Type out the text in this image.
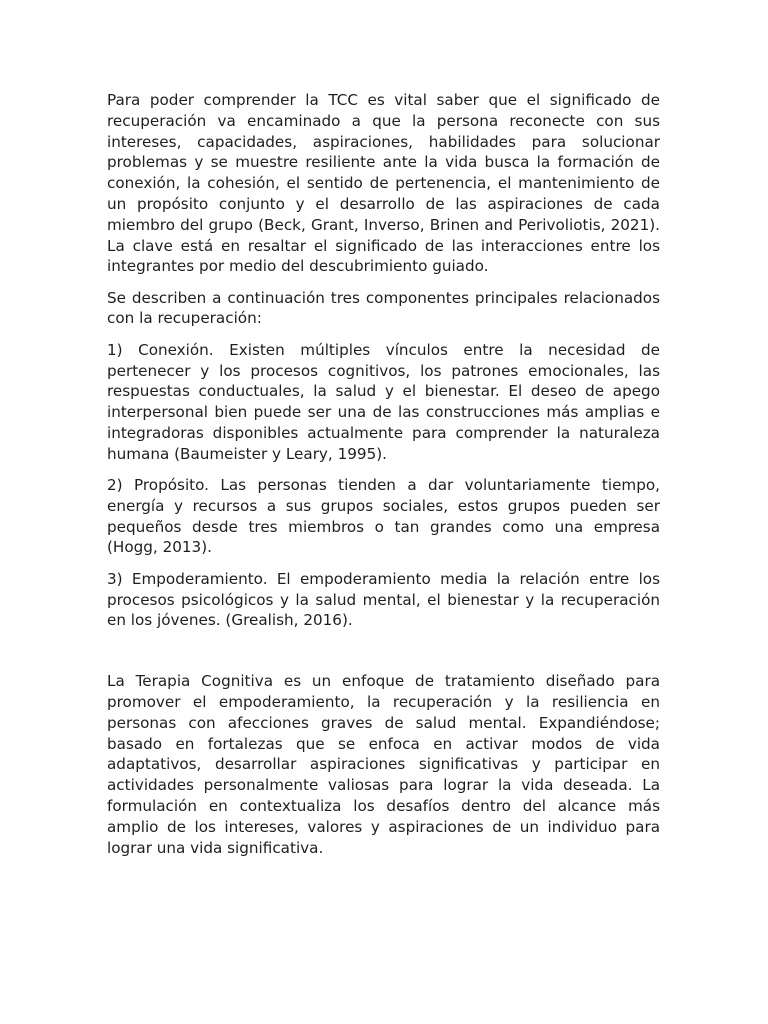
Para poder comprender la TCC es vital saber que el significado de recuperación va encaminado a que la persona reconecte con sus intereses, capacidades, aspiraciones, habilidades para solucionar problemas y se muestre resiliente ante la vida busca la formación de conexión, la cohesión, el sentido de pertenencia, el mantenimiento de un propósito conjunto y el desarrollo de las aspiraciones de cada miembro del grupo (Beck, Grant, Inverso, Brinen and Perivoliotis, 2021). La clave está en resaltar el significado de las interacciones entre los integrantes por medio del descubrimiento guiado.

Se describen a continuación tres componentes principales relacionados con la recuperación:

1) Conexión. Existen múltiples vínculos entre la necesidad de pertenecer y los procesos cognitivos, los patrones emocionales, las respuestas conductuales, la salud y el bienestar. El deseo de apego interpersonal bien puede ser una de las construcciones más amplias e integradoras disponibles actualmente para comprender la naturaleza humana (Baumeister y Leary, 1995).

2) Propósito. Las personas tienden a dar voluntariamente tiempo, energía y recursos a sus grupos sociales, estos grupos pueden ser pequeños desde tres miembros o tan grandes como una empresa (Hogg, 2013).

3) Empoderamiento. El empoderamiento media la relación entre los procesos psicológicos y la salud mental, el bienestar y la recuperación en los jóvenes. (Grealish, 2016).

La Terapia Cognitiva es un enfoque de tratamiento diseñado para promover el empoderamiento, la recuperación y la resiliencia en personas con afecciones graves de salud mental. Expandiéndose; basado en fortalezas que se enfoca en activar modos de vida adaptativos, desarrollar aspiraciones significativas y participar en actividades personalmente valiosas para lograr la vida deseada. La formulación en contextualiza los desafíos dentro del alcance más amplio de los intereses, valores y aspiraciones de un individuo para lograr una vida significativa.
